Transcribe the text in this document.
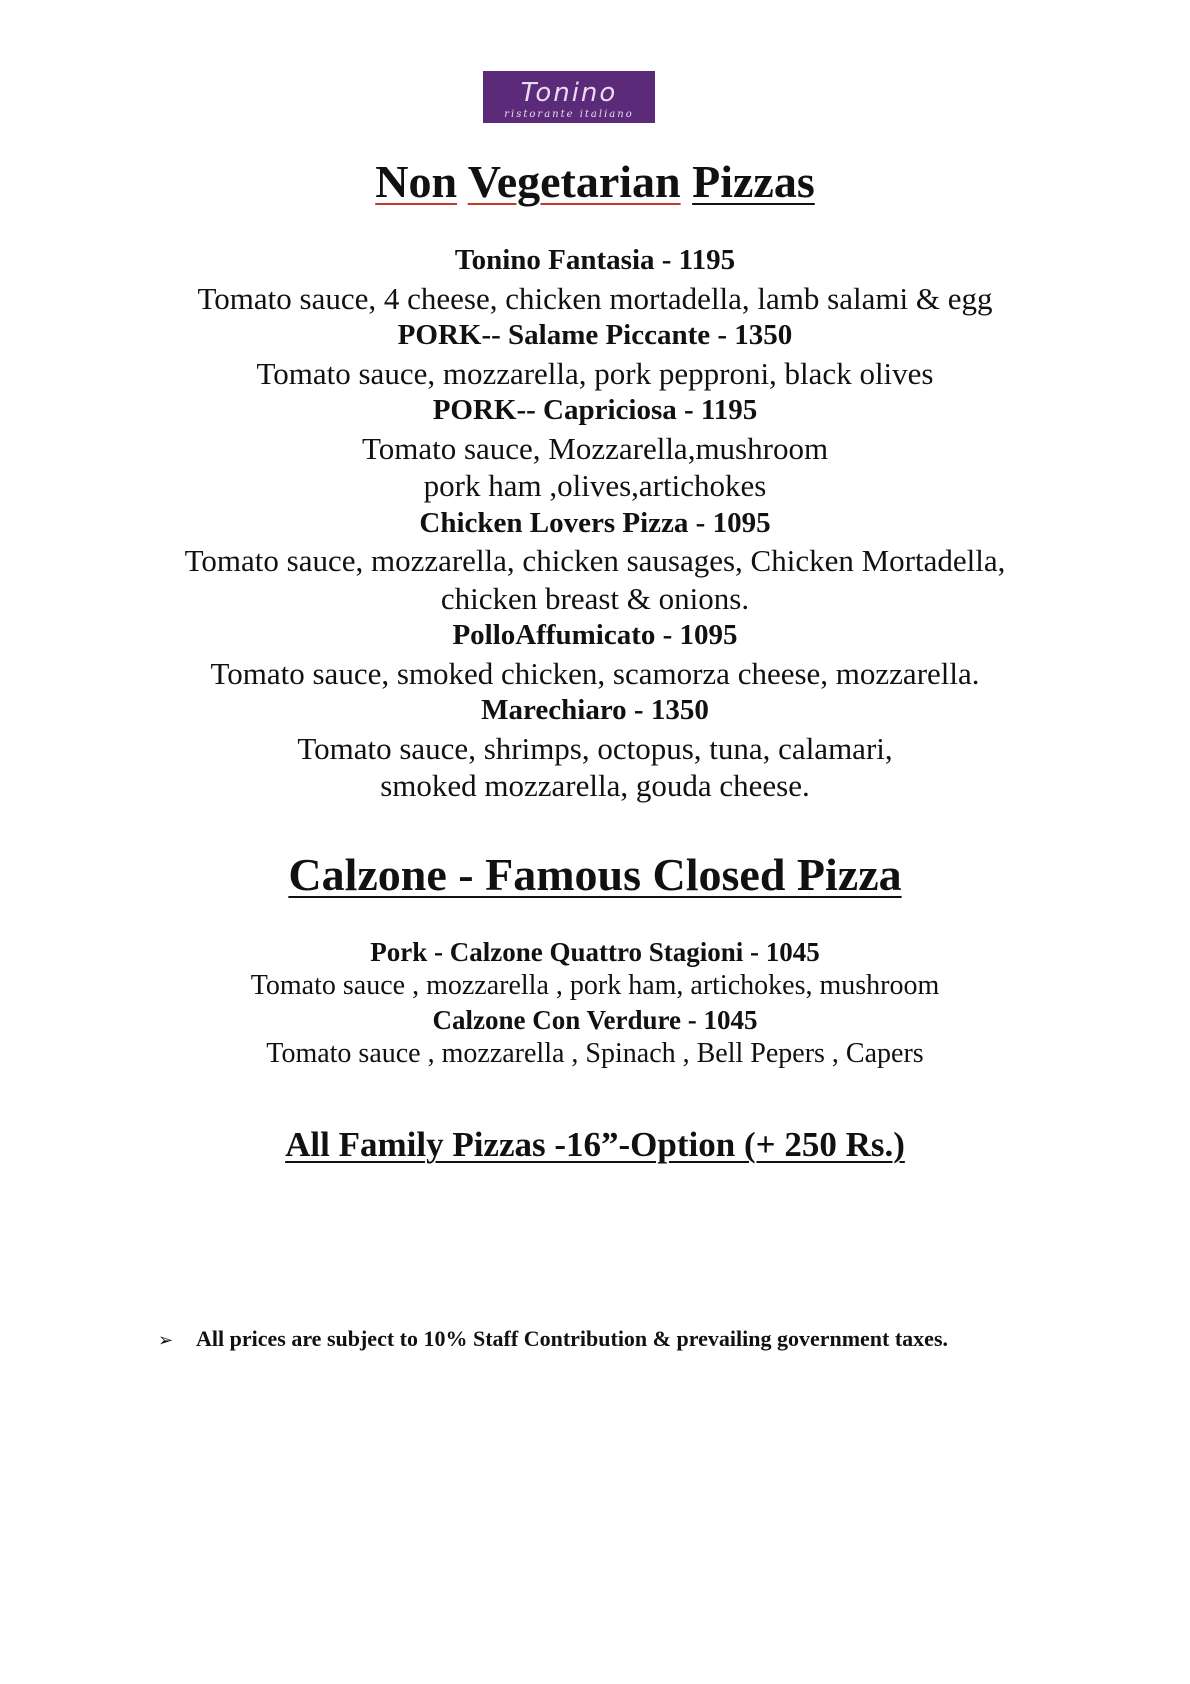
Tonino
ristorante italiano
Non Vegetarian Pizzas
Tonino Fantasia - 1195
Tomato sauce, 4 cheese, chicken mortadella, lamb salami & egg
PORK-- Salame Piccante - 1350
Tomato sauce, mozzarella, pork pepproni, black olives
PORK-- Capriciosa - 1195
Tomato sauce, Mozzarella,mushroom
pork ham ,olives,artichokes
Chicken Lovers Pizza - 1095
Tomato sauce, mozzarella, chicken sausages, Chicken Mortadella,
chicken breast & onions.
PolloAffumicato - 1095
Tomato sauce, smoked chicken, scamorza cheese, mozzarella.
Marechiaro - 1350
Tomato sauce, shrimps, octopus, tuna, calamari,
smoked mozzarella, gouda cheese.
Calzone - Famous Closed Pizza
Pork - Calzone Quattro Stagioni - 1045
Tomato sauce , mozzarella , pork ham, artichokes, mushroom
Calzone Con Verdure - 1045
Tomato sauce , mozzarella , Spinach , Bell Pepers , Capers
All Family Pizzas -16”-Option (+ 250 Rs.)
➢ All prices are subject to 10% Staff Contribution & prevailing government taxes.
